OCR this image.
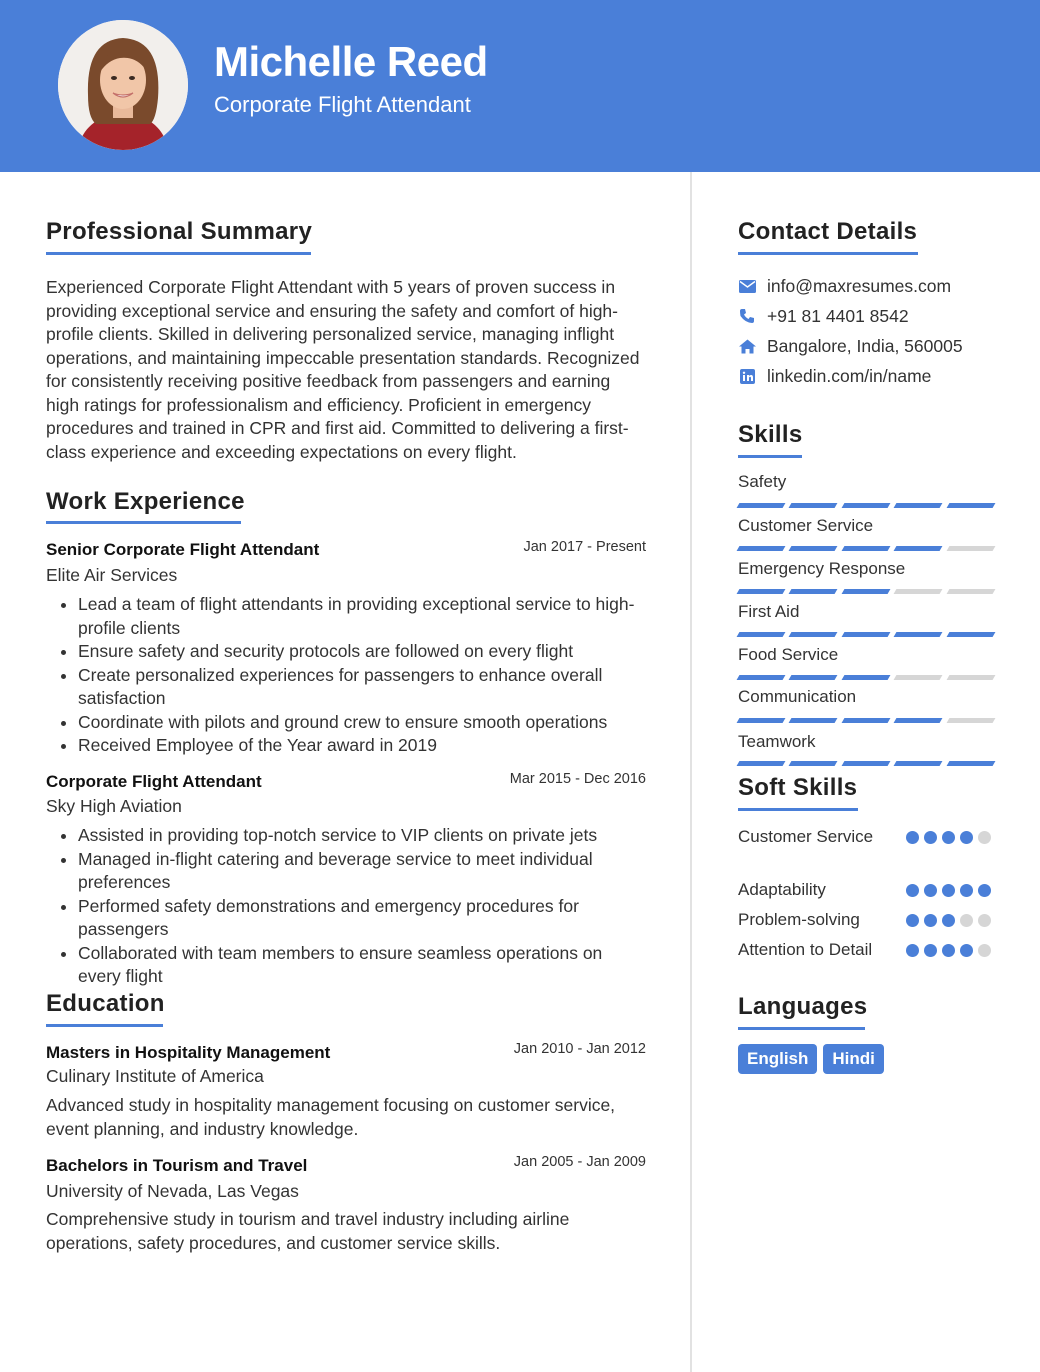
Michelle Reed
Corporate Flight Attendant
Professional Summary
Experienced Corporate Flight Attendant with 5 years of proven success in providing exceptional service and ensuring the safety and comfort of high-profile clients. Skilled in delivering personalized service, managing inflight operations, and maintaining impeccable presentation standards. Recognized for consistently receiving positive feedback from passengers and earning high ratings for professionalism and efficiency. Proficient in emergency procedures and trained in CPR and first aid. Committed to delivering a first-class experience and exceeding expectations on every flight.
Work Experience
Senior Corporate Flight Attendant	Jan 2017 - Present
Elite Air Services
• Lead a team of flight attendants in providing exceptional service to high-profile clients
• Ensure safety and security protocols are followed on every flight
• Create personalized experiences for passengers to enhance overall satisfaction
• Coordinate with pilots and ground crew to ensure smooth operations
• Received Employee of the Year award in 2019
Corporate Flight Attendant	Mar 2015 - Dec 2016
Sky High Aviation
• Assisted in providing top-notch service to VIP clients on private jets
• Managed in-flight catering and beverage service to meet individual preferences
• Performed safety demonstrations and emergency procedures for passengers
• Collaborated with team members to ensure seamless operations on every flight
Education
Masters in Hospitality Management	Jan 2010 - Jan 2012
Culinary Institute of America
Advanced study in hospitality management focusing on customer service, event planning, and industry knowledge.
Bachelors in Tourism and Travel	Jan 2005 - Jan 2009
University of Nevada, Las Vegas
Comprehensive study in tourism and travel industry including airline operations, safety procedures, and customer service skills.
Contact Details
info@maxresumes.com
+91 81 4401 8542
Bangalore, India, 560005
linkedin.com/in/name
Skills
Safety
Customer Service
Emergency Response
First Aid
Food Service
Communication
Teamwork
Soft Skills
Customer Service
Adaptability
Problem-solving
Attention to Detail
Languages
English	Hindi
